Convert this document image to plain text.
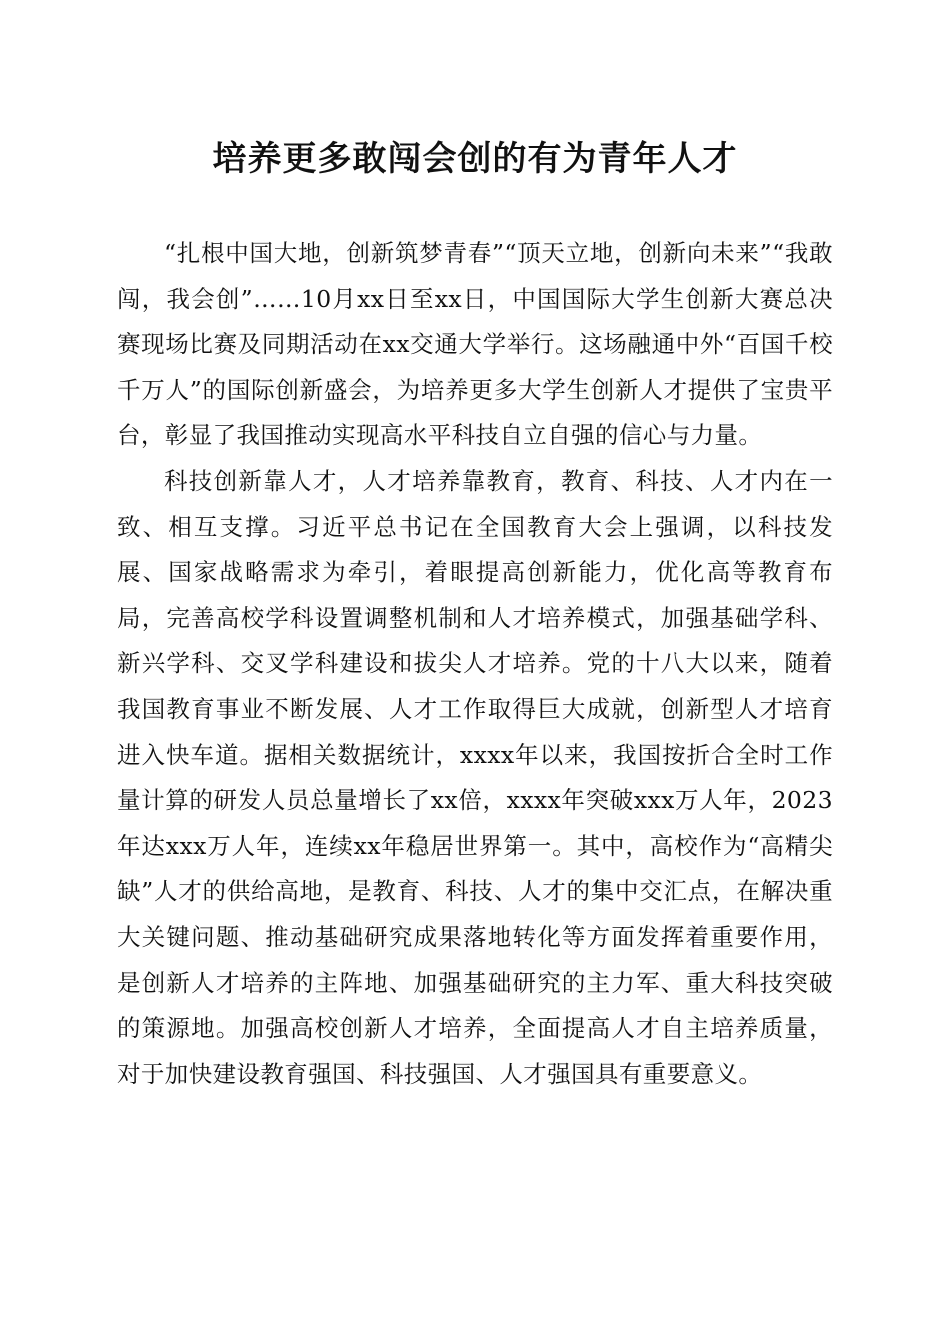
培养更多敢闯会创的有为青年人才

“扎根中国大地，创新筑梦青春”“顶天立地，创新向未来”“我敢闯，我会创”……10月xx日至xx日，中国国际大学生创新大赛总决赛现场比赛及同期活动在xx交通大学举行。这场融通中外“百国千校千万人”的国际创新盛会，为培养更多大学生创新人才提供了宝贵平台，彰显了我国推动实现高水平科技自立自强的信心与力量。

科技创新靠人才，人才培养靠教育，教育、科技、人才内在一致、相互支撑。习近平总书记在全国教育大会上强调，以科技发展、国家战略需求为牵引，着眼提高创新能力，优化高等教育布局，完善高校学科设置调整机制和人才培养模式，加强基础学科、新兴学科、交叉学科建设和拔尖人才培养。党的十八大以来，随着我国教育事业不断发展、人才工作取得巨大成就，创新型人才培育进入快车道。据相关数据统计，xxxx年以来，我国按折合全时工作量计算的研发人员总量增长了xx倍，xxxx年突破xxx万人年，2023年达xxx万人年，连续xx年稳居世界第一。其中，高校作为“高精尖缺”人才的供给高地，是教育、科技、人才的集中交汇点，在解决重大关键问题、推动基础研究成果落地转化等方面发挥着重要作用，是创新人才培养的主阵地、加强基础研究的主力军、重大科技突破的策源地。加强高校创新人才培养，全面提高人才自主培养质量，对于加快建设教育强国、科技强国、人才强国具有重要意义。
